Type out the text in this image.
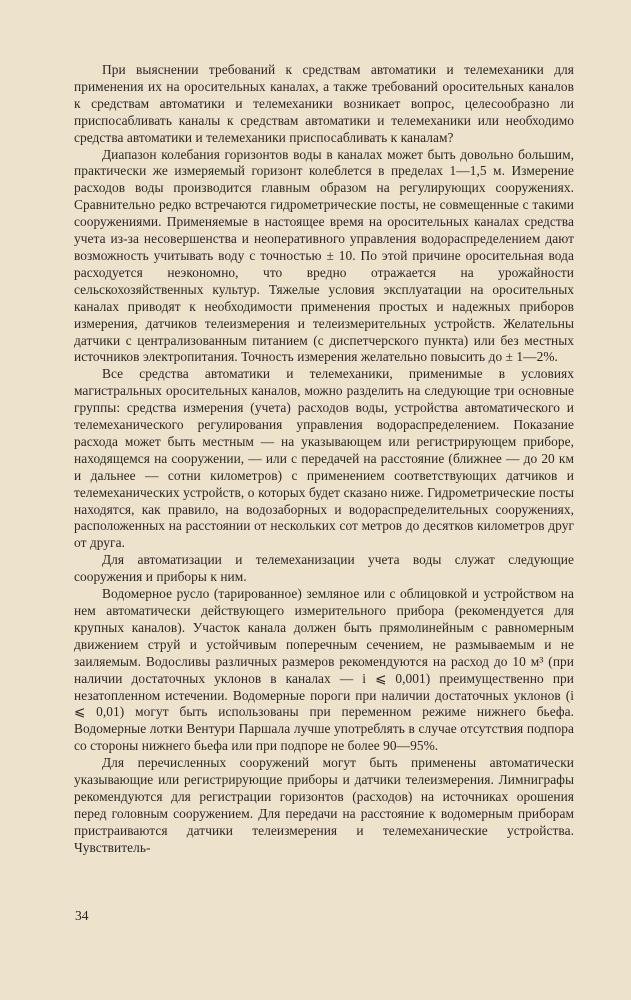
При выяснении требований к средствам автоматики и телемеханики для применения их на оросительных каналах, а также требований оросительных каналов к средствам автоматики и телемеханики возникает вопрос, целесообразно ли приспосабливать каналы к средствам автоматики и телемеханики или необходимо средства автоматики и телемеханики приспосабливать к каналам?

Диапазон колебания горизонтов воды в каналах может быть довольно большим, практически же измеряемый горизонт колеблется в пределах 1—1,5 м. Измерение расходов воды производится главным образом на регулирующих сооружениях. Сравнительно редко встречаются гидрометрические посты, не совмещенные с такими сооружениями. Применяемые в настоящее время на оросительных каналах средства учета из-за несовершенства и неоперативного управления водораспределением дают возможность учитывать воду с точностью ± 10. По этой причине оросительная вода расходуется неэкономно, что вредно отражается на урожайности сельскохозяйственных культур. Тяжелые условия эксплуатации на оросительных каналах приводят к необходимости применения простых и надежных приборов измерения, датчиков телеизмерения и телеизмерительных устройств. Желательны датчики с централизованным питанием (с диспетчерского пункта) или без местных источников электропитания. Точность измерения желательно повысить до ± 1—2%.

Все средства автоматики и телемеханики, применимые в условиях магистральных оросительных каналов, можно разделить на следующие три основные группы: средства измерения (учета) расходов воды, устройства автоматического и телемеханического регулирования управления водораспределением. Показание расхода может быть местным — на указывающем или регистрирующем приборе, находящемся на сооружении, — или с передачей на расстояние (ближнее — до 20 км и дальнее — сотни километров) с применением соответствующих датчиков и телемеханических устройств, о которых будет сказано ниже. Гидрометрические посты находятся, как правило, на водозаборных и водораспределительных сооружениях, расположенных на расстоянии от нескольких сот метров до десятков километров друг от друга.

Для автоматизации и телемеханизации учета воды служат следующие сооружения и приборы к ним.

Водомерное русло (тарированное) земляное или с облицовкой и устройством на нем автоматически действующего измерительного прибора (рекомендуется для крупных каналов). Участок канала должен быть прямолинейным с равномерным движением струй и устойчивым поперечным сечением, не размываемым и не заиляемым. Водосливы различных размеров рекомендуются на расход до 10 м³ (при наличии достаточных уклонов в каналах — i ⩽ 0,001) преимущественно при незатопленном истечении. Водомерные пороги при наличии достаточных уклонов (i ⩽ 0,01) могут быть использованы при переменном режиме нижнего бьефа. Водомерные лотки Вентури Паршала лучше употреблять в случае отсутствия подпора со стороны нижнего бьефа или при подпоре не более 90—95%.

Для перечисленных сооружений могут быть применены автоматически указывающие или регистрирующие приборы и датчики телеизмерения. Лимниграфы рекомендуются для регистрации горизонтов (расходов) на источниках орошения перед головным сооружением. Для передачи на расстояние к водомерным приборам пристраиваются датчики телеизмерения и телемеханические устройства. Чувствитель-

34
